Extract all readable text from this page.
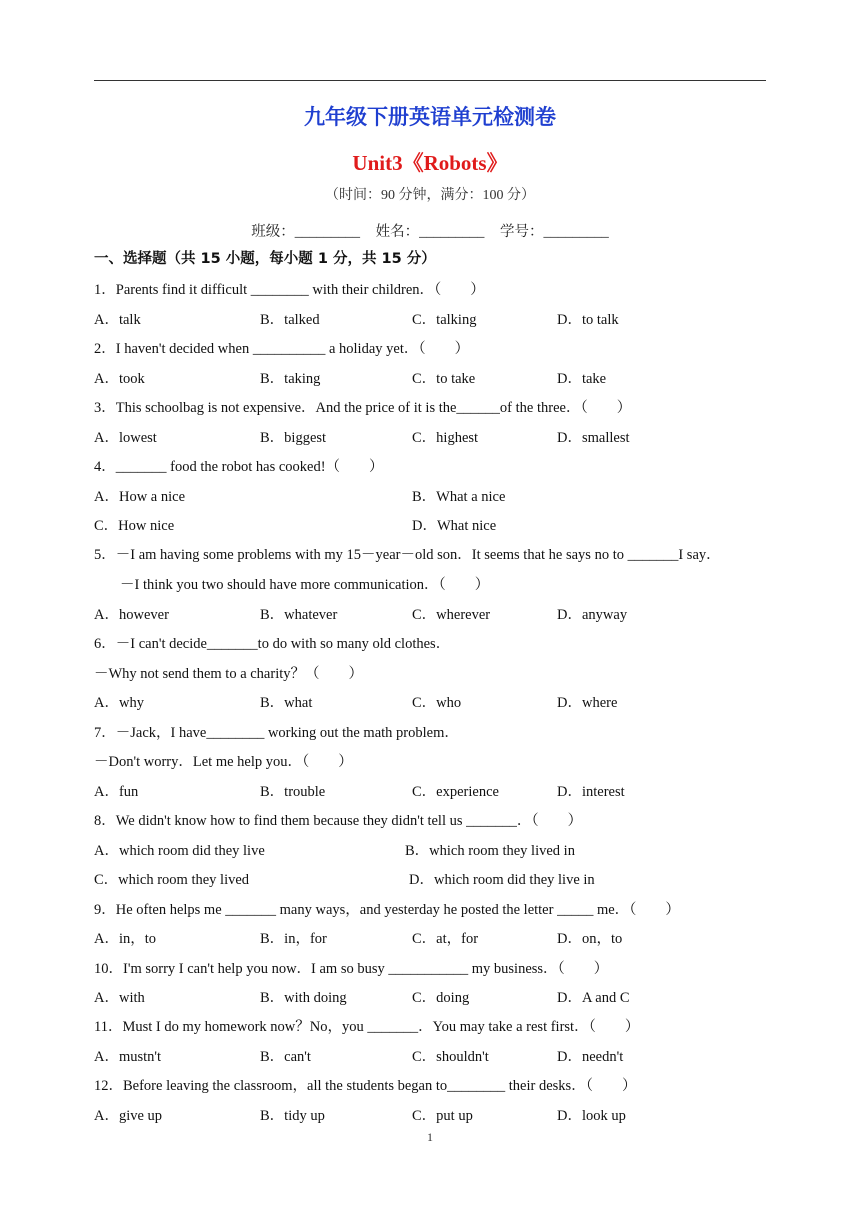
九年级下册英语单元检测卷
Unit3《Robots》
（时间：90 分钟，满分：100 分）
班级：_________ 姓名：_________ 学号：_________
一、选择题（共 15 小题，每小题 1 分，共 15 分）
1．Parents find it difficult ________ with their children．（　　）
A．talk	B．talked	C．talking	D．to talk
2．I haven't decided when __________ a holiday yet．（　　）
A．took	B．taking	C．to take	D．take
3．This schoolbag is not expensive．And the price of it is the______of the three．（　　）
A．lowest	B．biggest	C．highest	D．smallest
4．_______ food the robot has cooked!（　　）
A．How a nice	B．What a nice
C．How nice	D．What nice
5．－I am having some problems with my 15－year－old son．It seems that he says no to _______I say．
－I think you two should have more communication．（　　）
A．however	B．whatever	C．wherever	D．anyway
6．－I can't decide_______to do with so many old clothes．
－Why not send them to a charity？（　　）
A．why	B．what	C．who	D．where
7．－Jack，I have________ working out the math problem．
－Don't worry．Let me help you．（　　）
A．fun	B．trouble	C．experience	D．interest
8．We didn't know how to find them because they didn't tell us _______．（　　）
A．which room did they live	B．which room they lived in
C．which room they lived	D．which room did they live in
9．He often helps me _______ many ways，and yesterday he posted the letter _____ me．（　　）
A．in，to	B．in，for	C．at，for	D．on，to
10．I'm sorry I can't help you now．I am so busy ___________ my business．（　　）
A．with	B．with doing	C．doing	D．A and C
11．Must I do my homework now？No，you _______．You may take a rest first．（　　）
A．mustn't	B．can't	C．shouldn't	D．needn't
12．Before leaving the classroom，all the students began to________ their desks．（　　）
A．give up	B．tidy up	C．put up	D．look up
1
